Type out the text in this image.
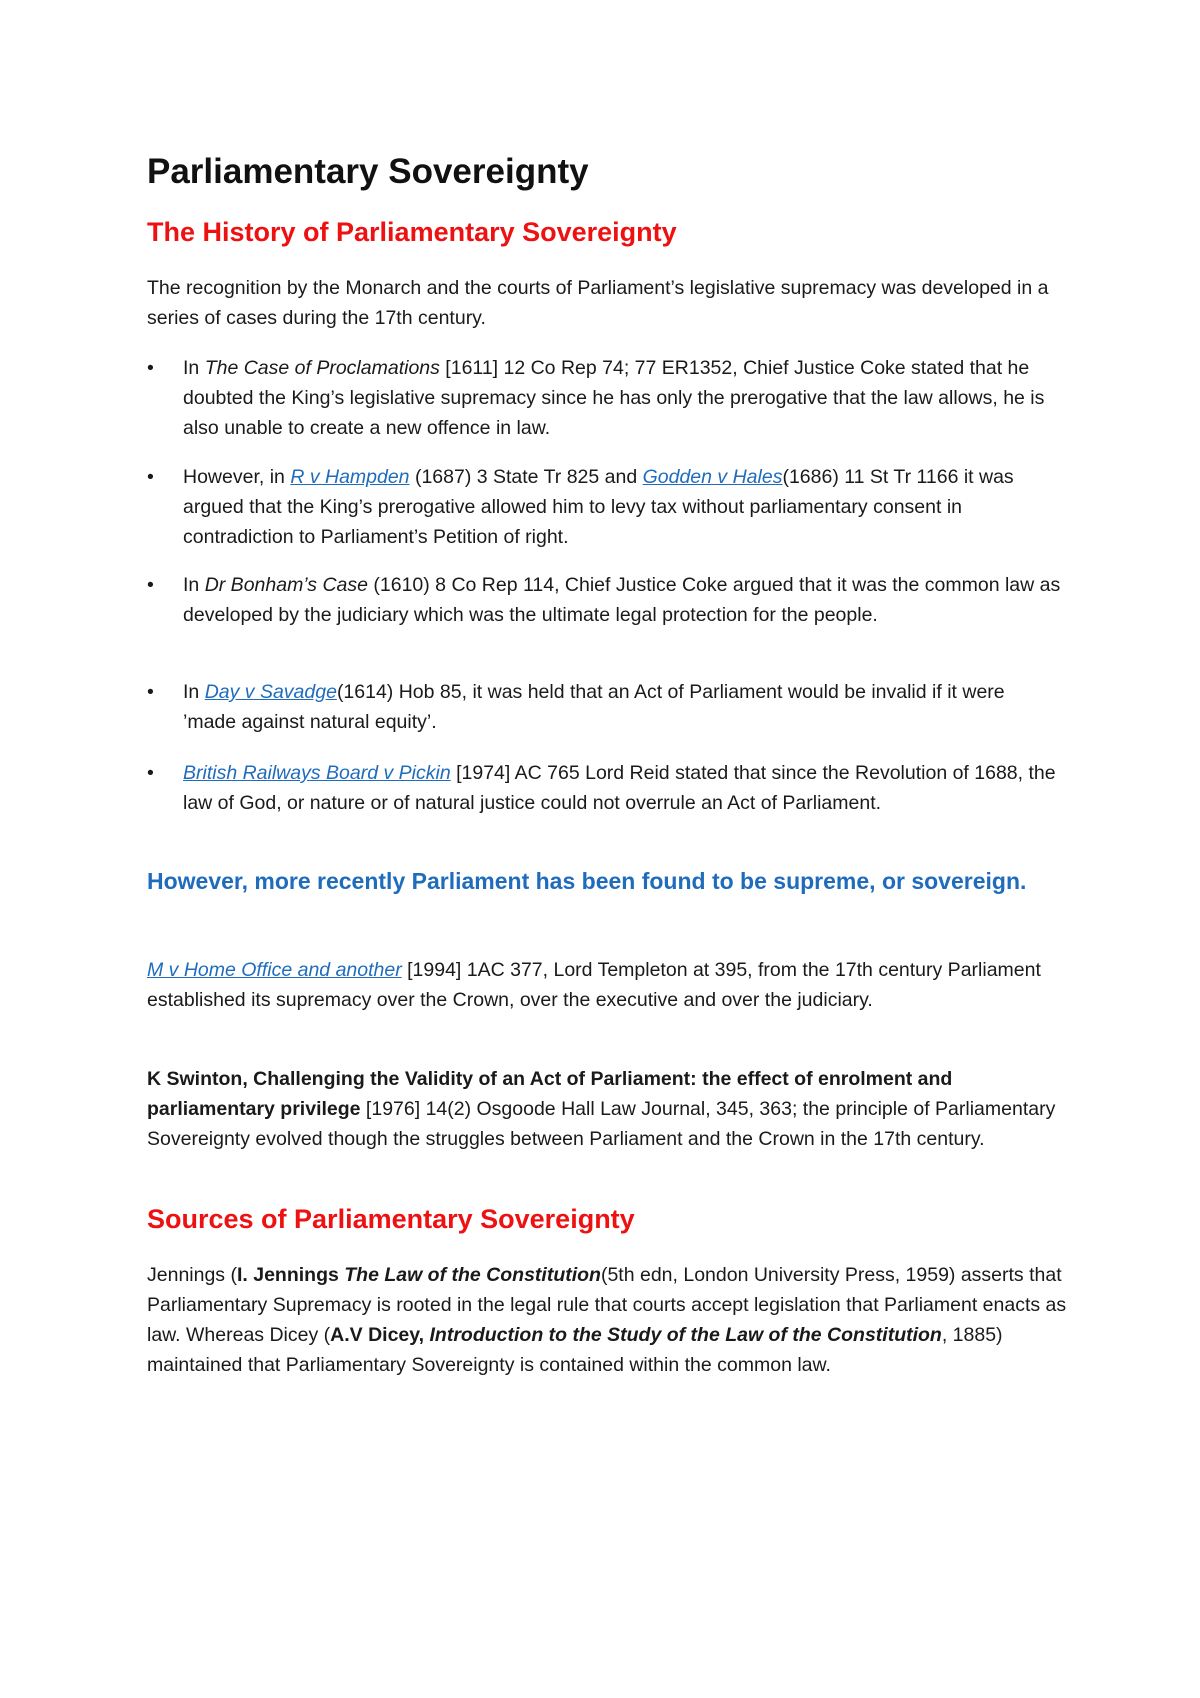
Parliamentary Sovereignty
The History of Parliamentary Sovereignty

The recognition by the Monarch and the courts of Parliament’s legislative supremacy was developed in a series of cases during the 17th century.

•	In The Case of Proclamations [1611] 12 Co Rep 74; 77 ER1352, Chief Justice Coke stated that he doubted the King’s legislative supremacy since he has only the prerogative that the law allows, he is also unable to create a new offence in law.
•	However, in R v Hampden (1687) 3 State Tr 825 and Godden v Hales(1686) 11 St Tr 1166 it was argued that the King’s prerogative allowed him to levy tax without parliamentary consent in contradiction to Parliament’s Petition of right.
•	In Dr Bonham’s Case (1610) 8 Co Rep 114, Chief Justice Coke argued that it was the common law as developed by the judiciary which was the ultimate legal protection for the people.
•	In Day v Savadge(1614) Hob 85, it was held that an Act of Parliament would be invalid if it were ’made against natural equity’.
•	British Railways Board v Pickin [1974] AC 765 Lord Reid stated that since the Revolution of 1688, the law of God, or nature or of natural justice could not overrule an Act of Parliament.
However, more recently Parliament has been found to be supreme, or sovereign.

M v Home Office and another [1994] 1AC 377, Lord Templeton at 395, from the 17th century Parliament established its supremacy over the Crown, over the executive and over the judiciary.

K Swinton, Challenging the Validity of an Act of Parliament: the effect of enrolment and parliamentary privilege [1976] 14(2) Osgoode Hall Law Journal, 345, 363; the principle of Parliamentary Sovereignty evolved though the struggles between Parliament and the Crown in the 17th century.

Sources of Parliamentary Sovereignty

Jennings (I. Jennings The Law of the Constitution(5th edn, London University Press, 1959) asserts that Parliamentary Supremacy is rooted in the legal rule that courts accept legislation that Parliament enacts as law. Whereas Dicey (A.V Dicey, Introduction to the Study of the Law of the Constitution, 1885) maintained that Parliamentary Sovereignty is contained within the common law.
